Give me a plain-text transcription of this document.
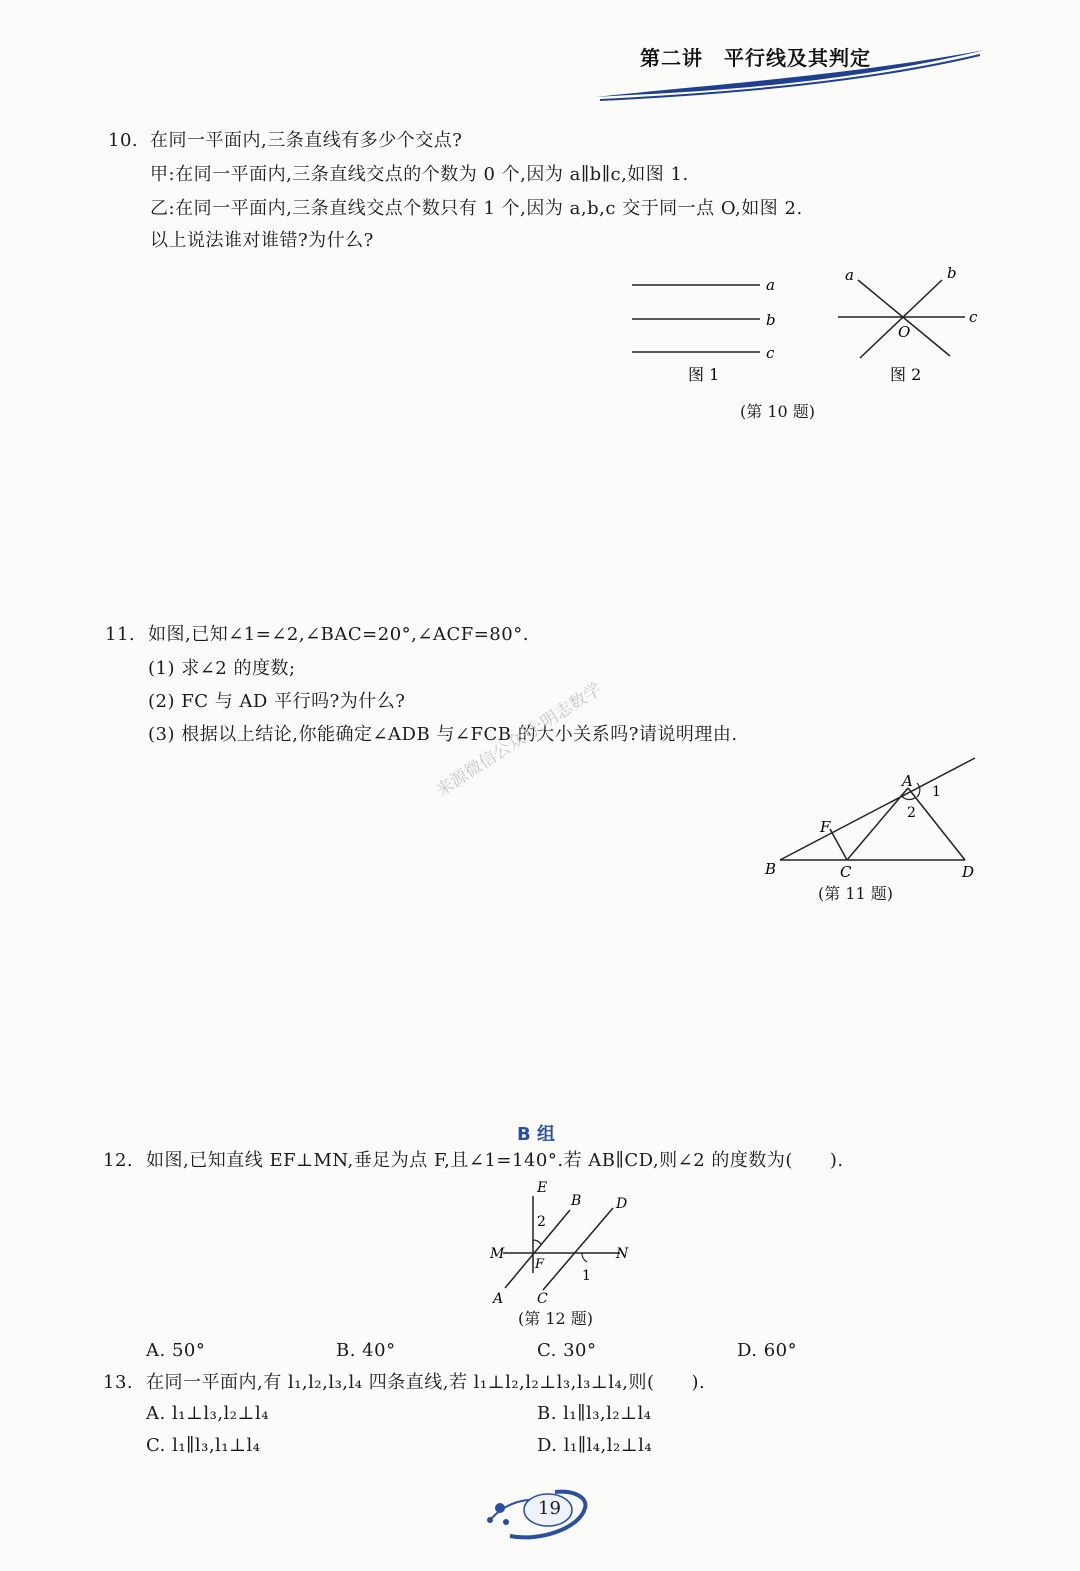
第二讲　平行线及其判定
10. 在同一平面内,三条直线有多少个交点?
甲:在同一平面内,三条直线交点的个数为 0 个,因为 a∥b∥c,如图 1.
乙:在同一平面内,三条直线交点个数只有 1 个,因为 a,b,c 交于同一点 O,如图 2.
以上说法谁对谁错?为什么?
a
b
c
图 1
a	b
c
O
图 2
(第 10 题)
11. 如图,已知∠1=∠2,∠BAC=20°,∠ACF=80°.
(1) 求∠2 的度数;
(2) FC 与 AD 平行吗?为什么?
(3) 根据以上结论,你能确定∠ADB 与∠FCB 的大小关系吗?请说明理由.
A
1
2
F
B	C	D
(第 11 题)
来源微信公众号:明志数学
B 组
12. 如图,已知直线 EF⊥MN,垂足为点 F,且∠1=140°.若 AB∥CD,则∠2 的度数为(　　).
E
B D
2
M	N
F
1
A C
(第 12 题)
A. 50°	B. 40°	C. 30°	D. 60°
13. 在同一平面内,有 l₁,l₂,l₃,l₄ 四条直线,若 l₁⊥l₂,l₂⊥l₃,l₃⊥l₄,则(　　).
A. l₁⊥l₃,l₂⊥l₄	B. l₁∥l₃,l₂⊥l₄
C. l₁∥l₃,l₁⊥l₄	D. l₁∥l₄,l₂⊥l₄
19
